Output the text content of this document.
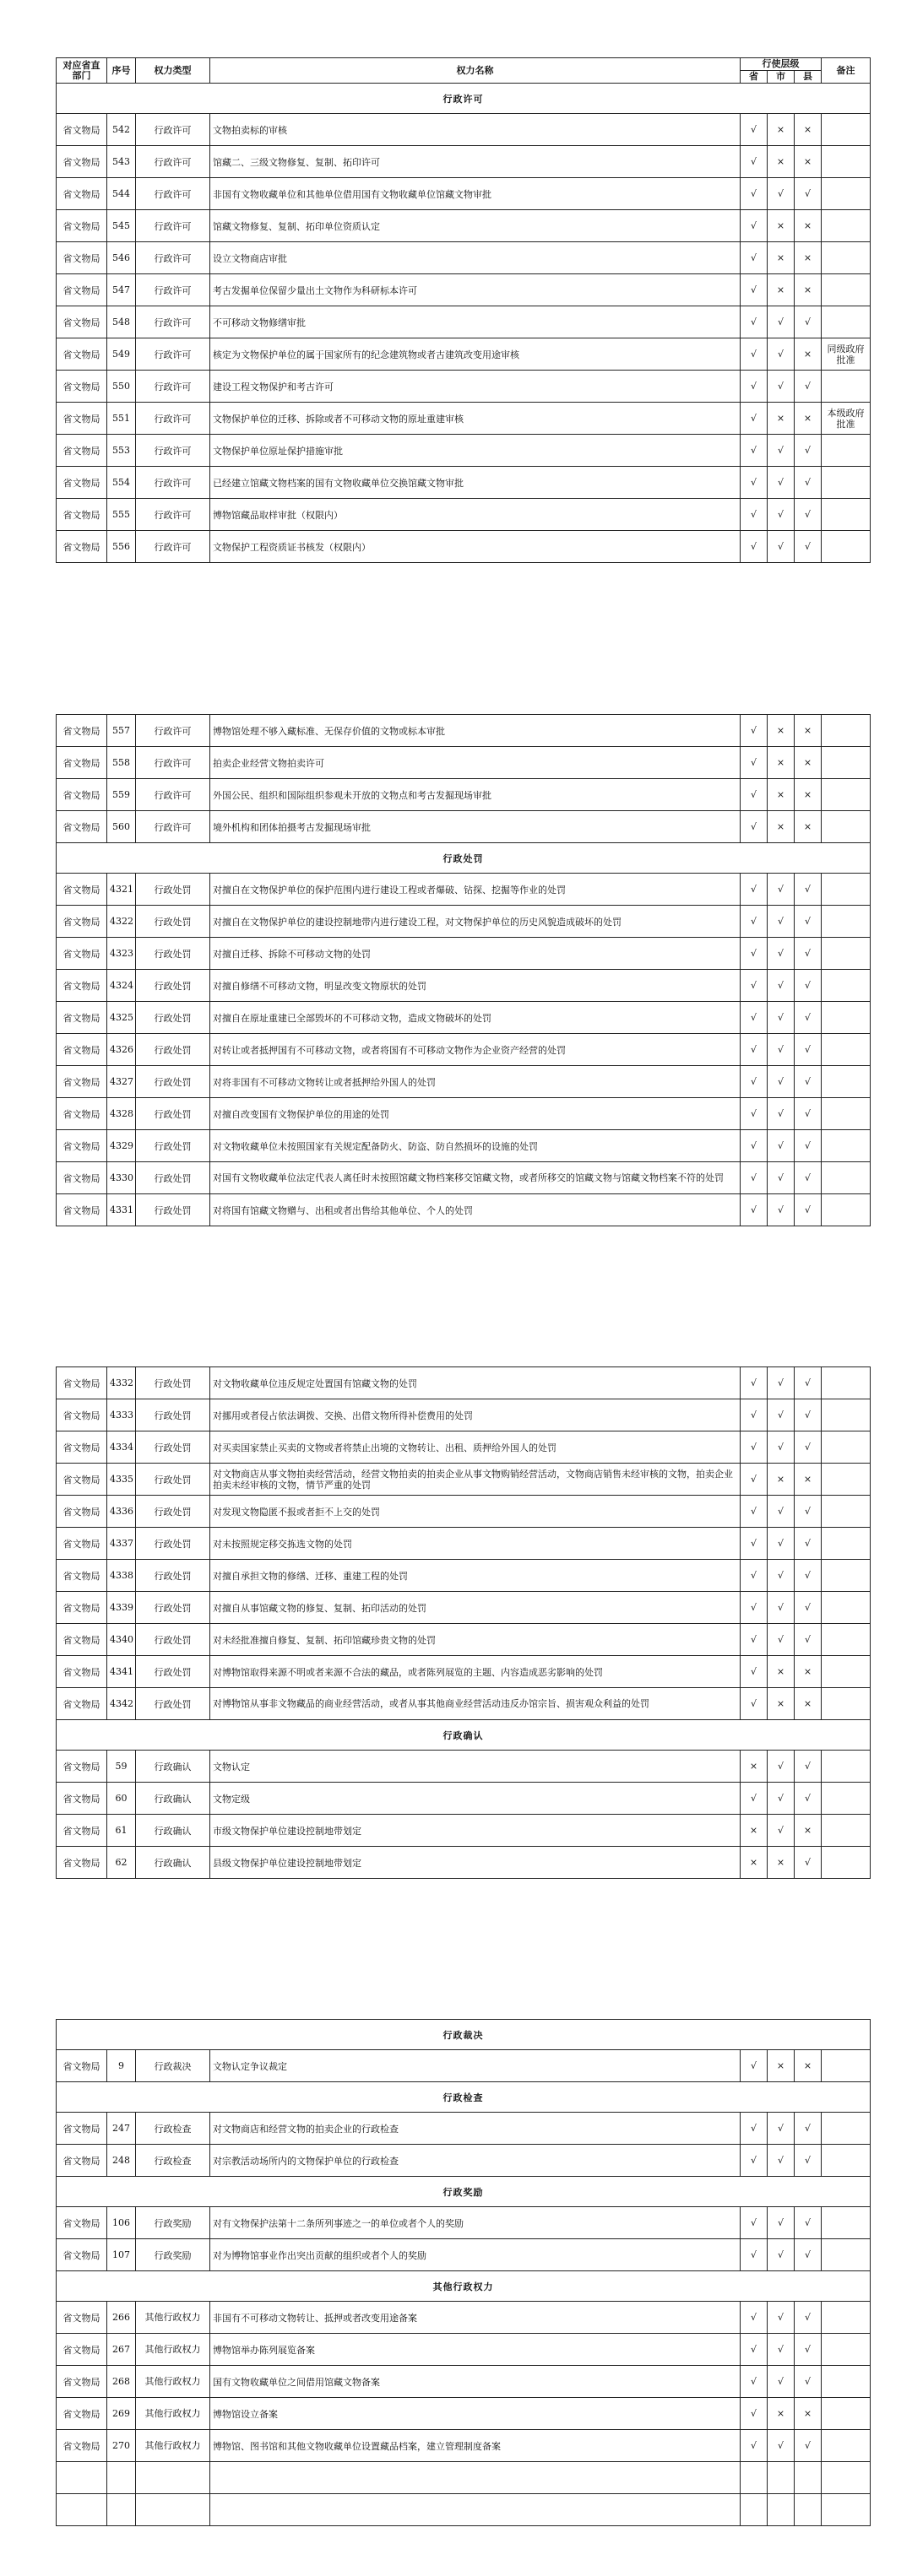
对应省直部门	序号	权力类型	权力名称	行使层级			备注
				省	市	县	
行政许可							
省文物局	542	行政许可	文物拍卖标的审核	√	×	×	
省文物局	543	行政许可	馆藏二、三级文物修复、复制、拓印许可	√	×	×	
省文物局	544	行政许可	非国有文物收藏单位和其他单位借用国有文物收藏单位馆藏文物审批	√	√	√	
省文物局	545	行政许可	馆藏文物修复、复制、拓印单位资质认定	√	×	×	
省文物局	546	行政许可	设立文物商店审批	√	×	×	
省文物局	547	行政许可	考古发掘单位保留少量出土文物作为科研标本许可	√	×	×	
省文物局	548	行政许可	不可移动文物修缮审批	√	√	√	
省文物局	549	行政许可	核定为文物保护单位的属于国家所有的纪念建筑物或者古建筑改变用途审核	√	√	×	同级政府批准
省文物局	550	行政许可	建设工程文物保护和考古许可	√	√	√	
省文物局	551	行政许可	文物保护单位的迁移、拆除或者不可移动文物的原址重建审核	√	×	×	本级政府批准
省文物局	553	行政许可	文物保护单位原址保护措施审批	√	√	√	
省文物局	554	行政许可	已经建立馆藏文物档案的国有文物收藏单位交换馆藏文物审批	√	√	√	
省文物局	555	行政许可	博物馆藏品取样审批（权限内）	√	√	√	
省文物局	556	行政许可	文物保护工程资质证书核发（权限内）	√	√	√	
省文物局	557	行政许可	博物馆处理不够入藏标准、无保存价值的文物或标本审批	√	×	×	
省文物局	558	行政许可	拍卖企业经营文物拍卖许可	√	×	×	
省文物局	559	行政许可	外国公民、组织和国际组织参观未开放的文物点和考古发掘现场审批	√	×	×	
省文物局	560	行政许可	境外机构和团体拍摄考古发掘现场审批	√	×	×	
行政处罚							
省文物局	4321	行政处罚	对擅自在文物保护单位的保护范围内进行建设工程或者爆破、钻探、挖掘等作业的处罚	√	√	√	
省文物局	4322	行政处罚	对擅自在文物保护单位的建设控制地带内进行建设工程，对文物保护单位的历史风貌造成破坏的处罚	√	√	√	
省文物局	4323	行政处罚	对擅自迁移、拆除不可移动文物的处罚	√	√	√	
省文物局	4324	行政处罚	对擅自修缮不可移动文物，明显改变文物原状的处罚	√	√	√	
省文物局	4325	行政处罚	对擅自在原址重建已全部毁坏的不可移动文物，造成文物破坏的处罚	√	√	√	
省文物局	4326	行政处罚	对转让或者抵押国有不可移动文物，或者将国有不可移动文物作为企业资产经营的处罚	√	√	√	
省文物局	4327	行政处罚	对将非国有不可移动文物转让或者抵押给外国人的处罚	√	√	√	
省文物局	4328	行政处罚	对擅自改变国有文物保护单位的用途的处罚	√	√	√	
省文物局	4329	行政处罚	对文物收藏单位未按照国家有关规定配备防火、防盗、防自然损坏的设施的处罚	√	√	√	
省文物局	4330	行政处罚	对国有文物收藏单位法定代表人离任时未按照馆藏文物档案移交馆藏文物，或者所移交的馆藏文物与馆藏文物档案不符的处罚	√	√	√	
省文物局	4331	行政处罚	对将国有馆藏文物赠与、出租或者出售给其他单位、个人的处罚	√	√	√	
省文物局	4332	行政处罚	对文物收藏单位违反规定处置国有馆藏文物的处罚	√	√	√	
省文物局	4333	行政处罚	对挪用或者侵占依法调拨、交换、出借文物所得补偿费用的处罚	√	√	√	
省文物局	4334	行政处罚	对买卖国家禁止买卖的文物或者将禁止出境的文物转让、出租、质押给外国人的处罚	√	√	√	
省文物局	4335	行政处罚	对文物商店从事文物拍卖经营活动，经营文物拍卖的拍卖企业从事文物购销经营活动，文物商店销售未经审核的文物，拍卖企业拍卖未经审核的文物，情节严重的处罚	√	×	×	
省文物局	4336	行政处罚	对发现文物隐匿不报或者拒不上交的处罚	√	√	√	
省文物局	4337	行政处罚	对未按照规定移交拣选文物的处罚	√	√	√	
省文物局	4338	行政处罚	对擅自承担文物的修缮、迁移、重建工程的处罚	√	√	√	
省文物局	4339	行政处罚	对擅自从事馆藏文物的修复、复制、拓印活动的处罚	√	√	√	
省文物局	4340	行政处罚	对未经批准擅自修复、复制、拓印馆藏珍贵文物的处罚	√	√	√	
省文物局	4341	行政处罚	对博物馆取得来源不明或者来源不合法的藏品，或者陈列展览的主题、内容造成恶劣影响的处罚	√	×	×	
省文物局	4342	行政处罚	对博物馆从事非文物藏品的商业经营活动，或者从事其他商业经营活动违反办馆宗旨、损害观众利益的处罚	√	×	×	
行政确认							
省文物局	59	行政确认	文物认定	×	√	√	
省文物局	60	行政确认	文物定级	√	√	√	
省文物局	61	行政确认	市级文物保护单位建设控制地带划定	×	√	×	
省文物局	62	行政确认	县级文物保护单位建设控制地带划定	×	×	√	
行政裁决							
省文物局	9	行政裁决	文物认定争议裁定	√	×	×	
行政检查							
省文物局	247	行政检查	对文物商店和经营文物的拍卖企业的行政检查	√	√	√	
省文物局	248	行政检查	对宗教活动场所内的文物保护单位的行政检查	√	√	√	
行政奖励							
省文物局	106	行政奖励	对有文物保护法第十二条所列事迹之一的单位或者个人的奖励	√	√	√	
省文物局	107	行政奖励	对为博物馆事业作出突出贡献的组织或者个人的奖励	√	√	√	
其他行政权力							
省文物局	266	其他行政权力	非国有不可移动文物转让、抵押或者改变用途备案	√	√	√	
省文物局	267	其他行政权力	博物馆举办陈列展览备案	√	√	√	
省文物局	268	其他行政权力	国有文物收藏单位之间借用馆藏文物备案	√	√	√	
省文物局	269	其他行政权力	博物馆设立备案	√	×	×	
省文物局	270	其他行政权力	博物馆、图书馆和其他文物收藏单位设置藏品档案，建立管理制度备案	√	√	√	
